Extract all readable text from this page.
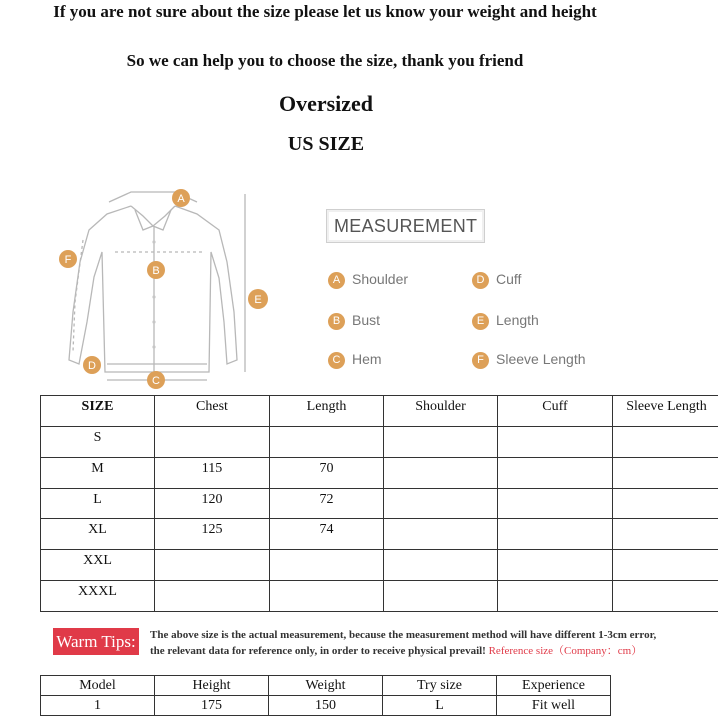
If you are not sure about the size please let us know your weight and height
So we can help you to choose the size, thank you friend
Oversized
US SIZE
A
B
C
D
E
F
MEASUREMENT
A Shoulder
B Bust
C Hem
D Cuff
E Length
F Sleeve Length
SIZE	Chest	Length	Shoulder	Cuff	Sleeve Length
S					
M	115	70			
L	120	72			
XL	125	74			
XXL					
XXXL					
Warm Tips: The above size is the actual measurement, because the measurement method will have different 1-3cm error,
the relevant data for reference only, in order to receive physical prevail! Reference size（Company：cm）
Model	Height	Weight	Try size	Experience
1	175	150	L	Fit well
